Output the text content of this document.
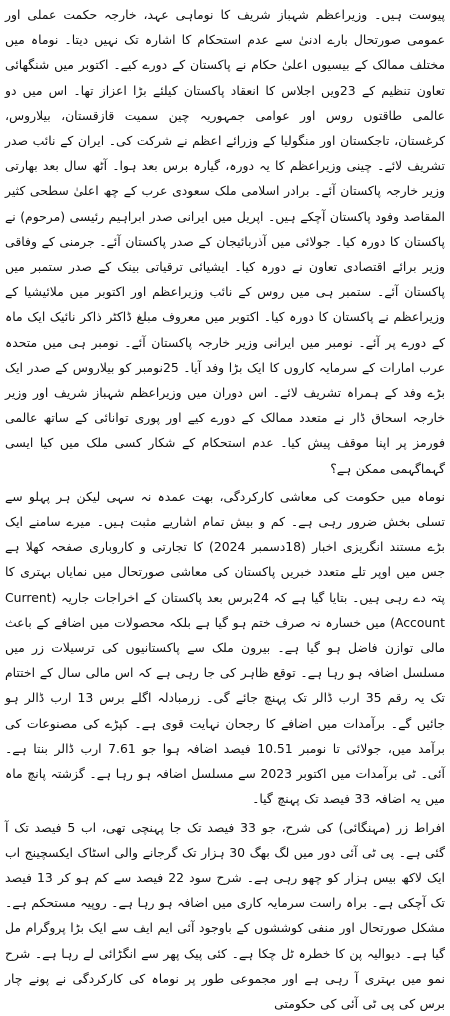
پیوست ہیں۔ وزیراعظم شہباز شریف کا نوماہی عہد، خارجہ حکمت عملی اور عمومی صورتحال بارے ادنیٰ سے عدم استحکام کا اشارہ تک نہیں دیتا۔ نوماہ میں مختلف ممالک کے بیسیوں اعلیٰ حکام نے پاکستان کے دورے کیے۔ اکتوبر میں شنگھائی تعاون تنظیم کے 23ویں اجلاس کا انعقاد پاکستان کیلئے بڑا اعزاز تھا۔ اس میں دو عالمی طاقتوں روس اور عوامی جمہوریہ چین سمیت قازقستان، بیلاروس، کرغستان، تاجکستان اور منگولیا کے وزرائے اعظم نے شرکت کی۔ ایران کے نائب صدر تشریف لائے۔ چینی وزیراعظم کا یہ دورہ، گیارہ برس بعد ہوا۔ آٹھ سال بعد بھارتی وزیر خارجہ پاکستان آئے۔ برادر اسلامی ملک سعودی عرب کے چھ اعلیٰ سطحی کثیر المقاصد وفود پاکستان آچکے ہیں۔ اپریل میں ایرانی صدر ابراہیم رئیسی (مرحوم) نے پاکستان کا دورہ کیا۔ جولائی میں آذربائیجان کے صدر پاکستان آئے۔ جرمنی کے وفاقی وزیر برائے اقتصادی تعاون نے دورہ کیا۔ ایشیائی ترقیاتی بینک کے صدر ستمبر میں پاکستان آئے۔ ستمبر ہی میں روس کے نائب وزیراعظم اور اکتوبر میں ملائیشیا کے وزیراعظم نے پاکستان کا دورہ کیا۔ اکتوبر میں معروف مبلغ ڈاکٹر ذاکر نائیک ایک ماہ کے دورے پر آئے۔ نومبر میں ایرانی وزیر خارجہ پاکستان آئے۔ نومبر ہی میں متحدہ عرب امارات کے سرمایہ کاروں کا ایک بڑا وفد آیا۔ 25نومبر کو بیلاروس کے صدر ایک بڑے وفد کے ہمراہ تشریف لائے۔ اس دوران میں وزیراعظم شہباز شریف اور وزیر خارجہ اسحاق ڈار نے متعدد ممالک کے دورے کیے اور پوری توانائی کے ساتھ عالمی فورمز پر اپنا موقف پیش کیا۔ عدم استحکام کے شکار کسی ملک میں کیا ایسی گہماگہمی ممکن ہے؟

نوماہ میں حکومت کی معاشی کارکردگی، بھت عمدہ نہ سہی لیکن ہر پہلو سے تسلی بخش ضرور رہی ہے۔ کم و بیش تمام اشاریے مثبت ہیں۔ میرے سامنے ایک بڑے مستند انگریزی اخبار (18دسمبر 2024) کا تجارتی و کاروباری صفحہ کھلا ہے جس میں اوپر تلے متعدد خبریں پاکستان کی معاشی صورتحال میں نمایاں بہتری کا پتہ دے رہی ہیں۔ بتایا گیا ہے کہ 24برس بعد پاکستان کے اخراجات جاریہ (Current Account) میں خسارہ نہ صرف ختم ہو گیا ہے بلکہ محصولات میں اضافے کے باعث مالی توازن فاضل ہو گیا ہے۔ بیرون ملک سے پاکستانیوں کی ترسیلات زر میں مسلسل اضافہ ہو رہا ہے۔ توقع ظاہر کی جا رہی ہے کہ اس مالی سال کے اختتام تک یہ رقم 35 ارب ڈالر تک پہنچ جائے گی۔ زرمبادلہ اگلے برس 13 ارب ڈالر ہو جائیں گے۔ برآمدات میں اضافے کا رجحان نہایت قوی ہے۔ کپڑے کی مصنوعات کی برآمد میں، جولائی تا نومبر 10.51 فیصد اضافہ ہوا جو 7.61 ارب ڈالر بنتا ہے۔ آئی۔ ٹی برآمدات میں اکتوبر 2023 سے مسلسل اضافہ ہو رہا ہے۔ گزشتہ پانچ ماہ میں یہ اضافہ 33 فیصد تک پہنچ گیا۔

افراط زر (مہنگائی) کی شرح، جو 33 فیصد تک جا پہنچی تھی، اب 5 فیصد تک آ گئی ہے۔ پی ٹی آئی دور میں لگ بھگ 30 ہزار تک گرجانے والی اسٹاک ایکسچینج اب ایک لاکھ بیس ہزار کو چھو رہی ہے۔ شرح سود 22 فیصد سے کم ہو کر 13 فیصد تک آچکی ہے۔ براہ راست سرمایہ کاری میں اضافہ ہو رہا ہے۔ روپیہ مستحکم ہے۔ مشکل صورتحال اور منفی کوششوں کے باوجود آئی ایم ایف سے ایک بڑا پروگرام مل گیا ہے۔ دیوالیہ پن کا خطرہ ٹل چکا ہے۔ کئی پیک پھر سے انگڑائی لے رہا ہے۔ شرح نمو میں بہتری آ رہی ہے اور مجموعی طور پر نوماہ کی کارکردگی نے پونے چار برس کی پی ٹی آئی کی حکومتی
